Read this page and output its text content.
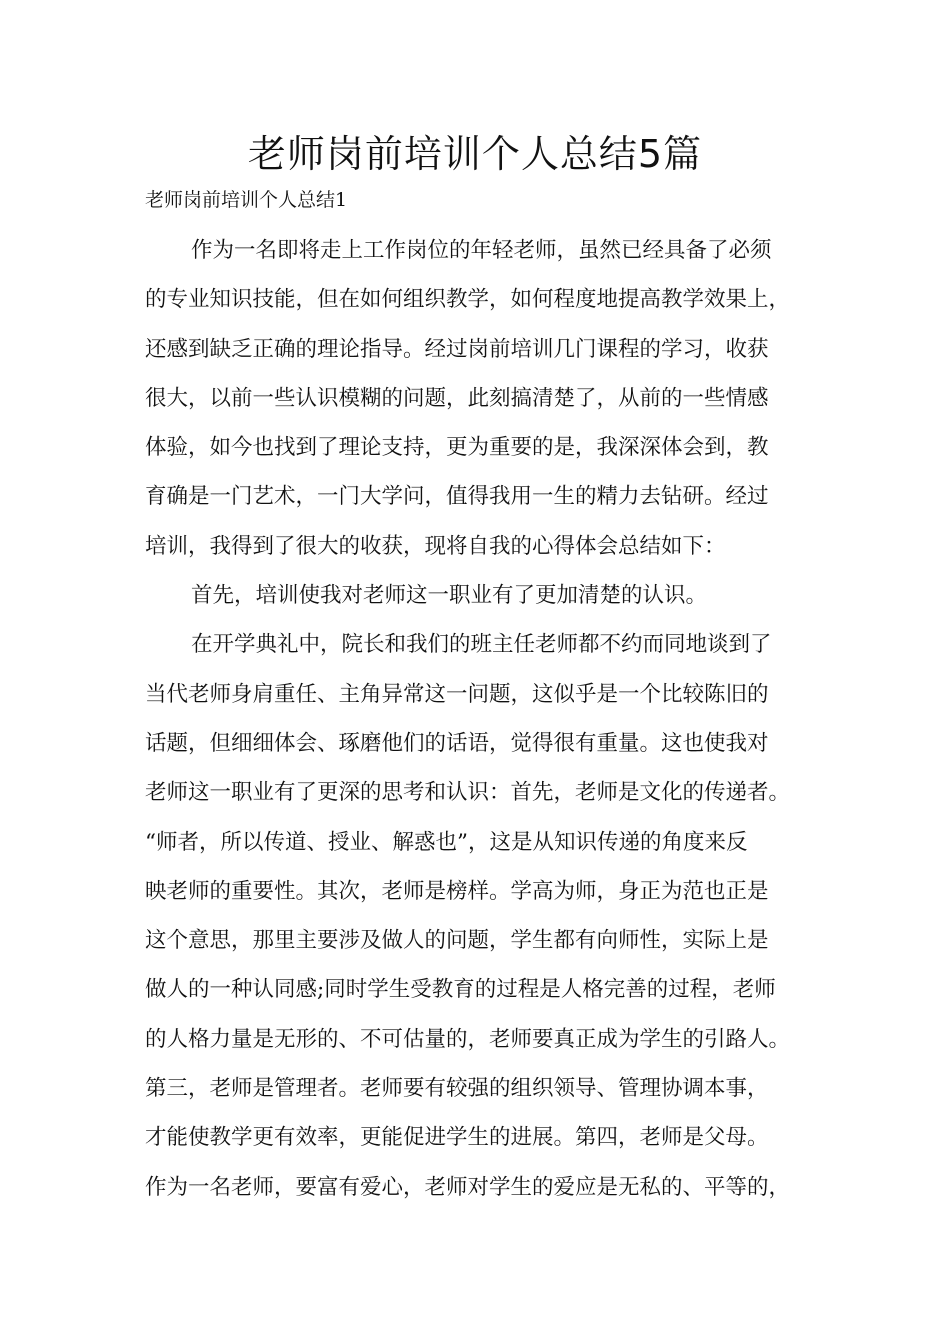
老师岗前培训个人总结5篇
老师岗前培训个人总结1
作为一名即将走上工作岗位的年轻老师，虽然已经具备了必须
的专业知识技能，但在如何组织教学，如何程度地提高教学效果上，
还感到缺乏正确的理论指导。经过岗前培训几门课程的学习，收获
很大，以前一些认识模糊的问题，此刻搞清楚了，从前的一些情感
体验，如今也找到了理论支持，更为重要的是，我深深体会到，教
育确是一门艺术，一门大学问，值得我用一生的精力去钻研。经过
培训，我得到了很大的收获，现将自我的心得体会总结如下：
首先，培训使我对老师这一职业有了更加清楚的认识。
在开学典礼中，院长和我们的班主任老师都不约而同地谈到了
当代老师身肩重任、主角异常这一问题，这似乎是一个比较陈旧的
话题，但细细体会、琢磨他们的话语，觉得很有重量。这也使我对
老师这一职业有了更深的思考和认识：首先，老师是文化的传递者。
“师者，所以传道、授业、解惑也”，这是从知识传递的角度来反
映老师的重要性。其次，老师是榜样。学高为师，身正为范也正是
这个意思，那里主要涉及做人的问题，学生都有向师性，实际上是
做人的一种认同感;同时学生受教育的过程是人格完善的过程，老师
的人格力量是无形的、不可估量的，老师要真正成为学生的引路人。
第三，老师是管理者。老师要有较强的组织领导、管理协调本事，
才能使教学更有效率，更能促进学生的进展。第四，老师是父母。
作为一名老师，要富有爱心，老师对学生的爱应是无私的、平等的，
